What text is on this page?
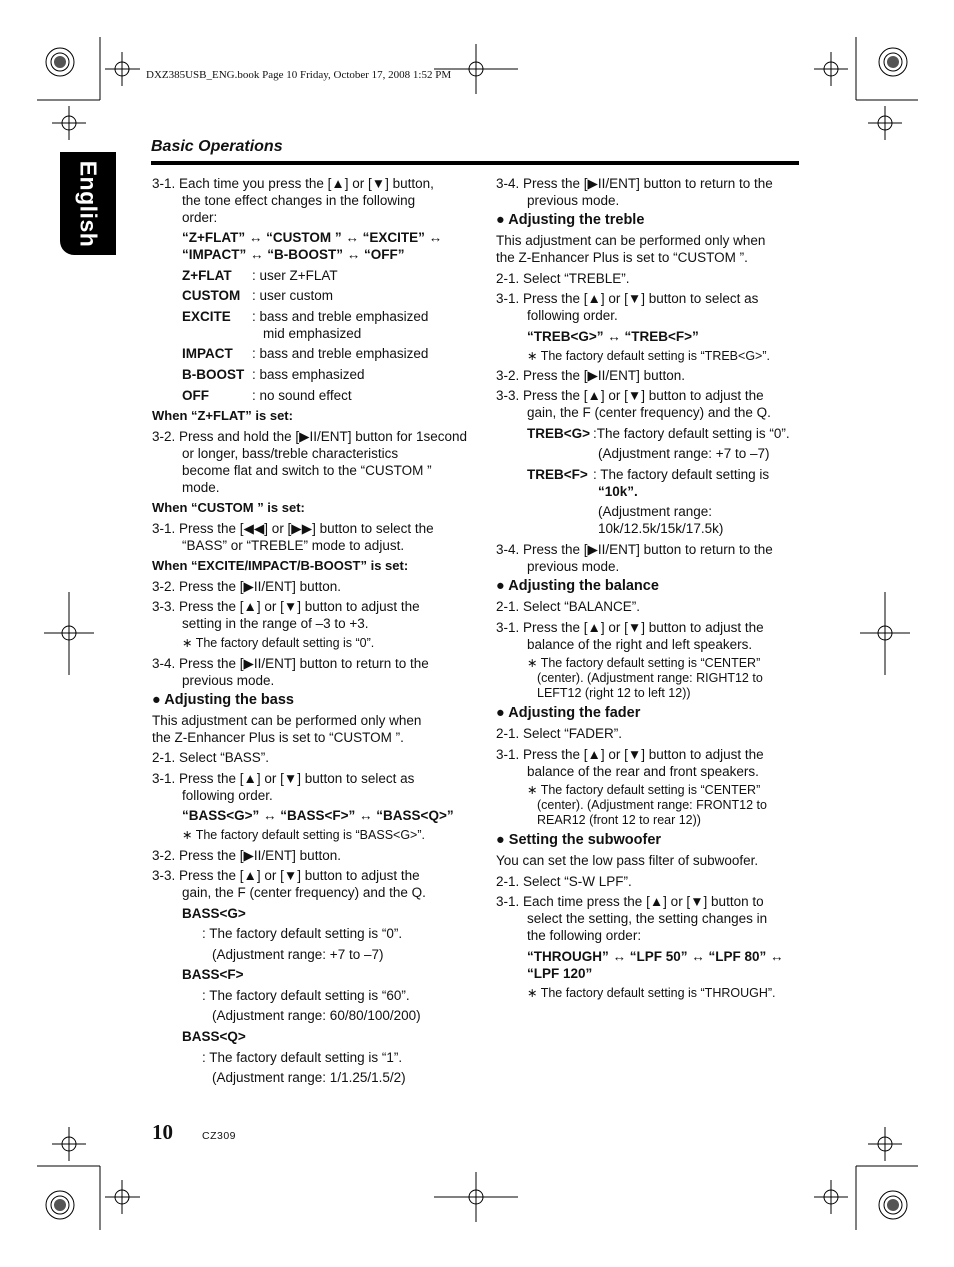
DXZ385USB_ENG.book Page 10 Friday, October 17, 2008 1:52 PM
English
Basic Operations
3-1. Each time you press the [▲] or [▼] button,
the tone effect changes in the following
order:
“Z+FLAT” ↔ “CUSTOM ” ↔ “EXCITE” ↔
“IMPACT” ↔ “B-BOOST” ↔ “OFF”
Z+FLAT : user Z+FLAT
CUSTOM : user custom
EXCITE : bass and treble emphasized
mid emphasized
IMPACT : bass and treble emphasized
B-BOOST : bass emphasized
OFF	: no sound effect
When “Z+FLAT” is set:
3-2. Press and hold the [▶II/ENT] button for 1second
or longer, bass/treble characteristics
become flat and switch to the “CUSTOM ”
mode.
When “CUSTOM ” is set:
3-1. Press the [◀◀] or [▶▶] button to select the
“BASS” or “TREBLE” mode to adjust.
When “EXCITE/IMPACT/B-BOOST” is set:
3-2. Press the [▶II/ENT] button.
3-3. Press the [▲] or [▼] button to adjust the
setting in the range of –3 to +3.
∗ The factory default setting is “0”.
3-4. Press the [▶II/ENT] button to return to the
previous mode.
● Adjusting the bass
This adjustment can be performed only when
the Z-Enhancer Plus is set to “CUSTOM ”.
2-1. Select “BASS”.
3-1. Press the [▲] or [▼] button to select as
following order.
“BASS<G>” ↔ “BASS<F>” ↔ “BASS<Q>”
∗ The factory default setting is “BASS<G>”.
3-2. Press the [▶II/ENT] button.
3-3. Press the [▲] or [▼] button to adjust the
gain, the F (center frequency) and the Q.
BASS<G>
: The factory default setting is “0”.
(Adjustment range: +7 to –7)
BASS<F>
: The factory default setting is “60”.
(Adjustment range: 60/80/100/200)
BASS<Q>
: The factory default setting is “1”.
(Adjustment range: 1/1.25/1.5/2)
3-4. Press the [▶II/ENT] button to return to the
previous mode.
● Adjusting the treble
This adjustment can be performed only when
the Z-Enhancer Plus is set to “CUSTOM ”.
2-1. Select “TREBLE”.
3-1. Press the [▲] or [▼] button to select as
following order.
“TREB<G>” ↔ “TREB<F>”
∗ The factory default setting is “TREB<G>”.
3-2. Press the [▶II/ENT] button.
3-3. Press the [▲] or [▼] button to adjust the
gain, the F (center frequency) and the Q.
TREB<G> :The factory default setting is “0”.
(Adjustment range: +7 to –7)
TREB<F> : The factory default setting is
“10k”.
(Adjustment range:
10k/12.5k/15k/17.5k)
3-4. Press the [▶II/ENT] button to return to the
previous mode.
● Adjusting the balance
2-1. Select “BALANCE”.
3-1. Press the [▲] or [▼] button to adjust the
balance of the right and left speakers.
∗ The factory default setting is “CENTER”
(center). (Adjustment range: RIGHT12 to
LEFT12 (right 12 to left 12))
● Adjusting the fader
2-1. Select “FADER”.
3-1. Press the [▲] or [▼] button to adjust the
balance of the rear and front speakers.
∗ The factory default setting is “CENTER”
(center). (Adjustment range: FRONT12 to
REAR12 (front 12 to rear 12))
● Setting the subwoofer
You can set the low pass filter of subwoofer.
2-1. Select “S-W LPF”.
3-1. Each time press the [▲] or [▼] button to
select the setting, the setting changes in
the following order:
“THROUGH” ↔ “LPF 50” ↔ “LPF 80” ↔
“LPF 120”
∗ The factory default setting is “THROUGH”.
10	CZ309
